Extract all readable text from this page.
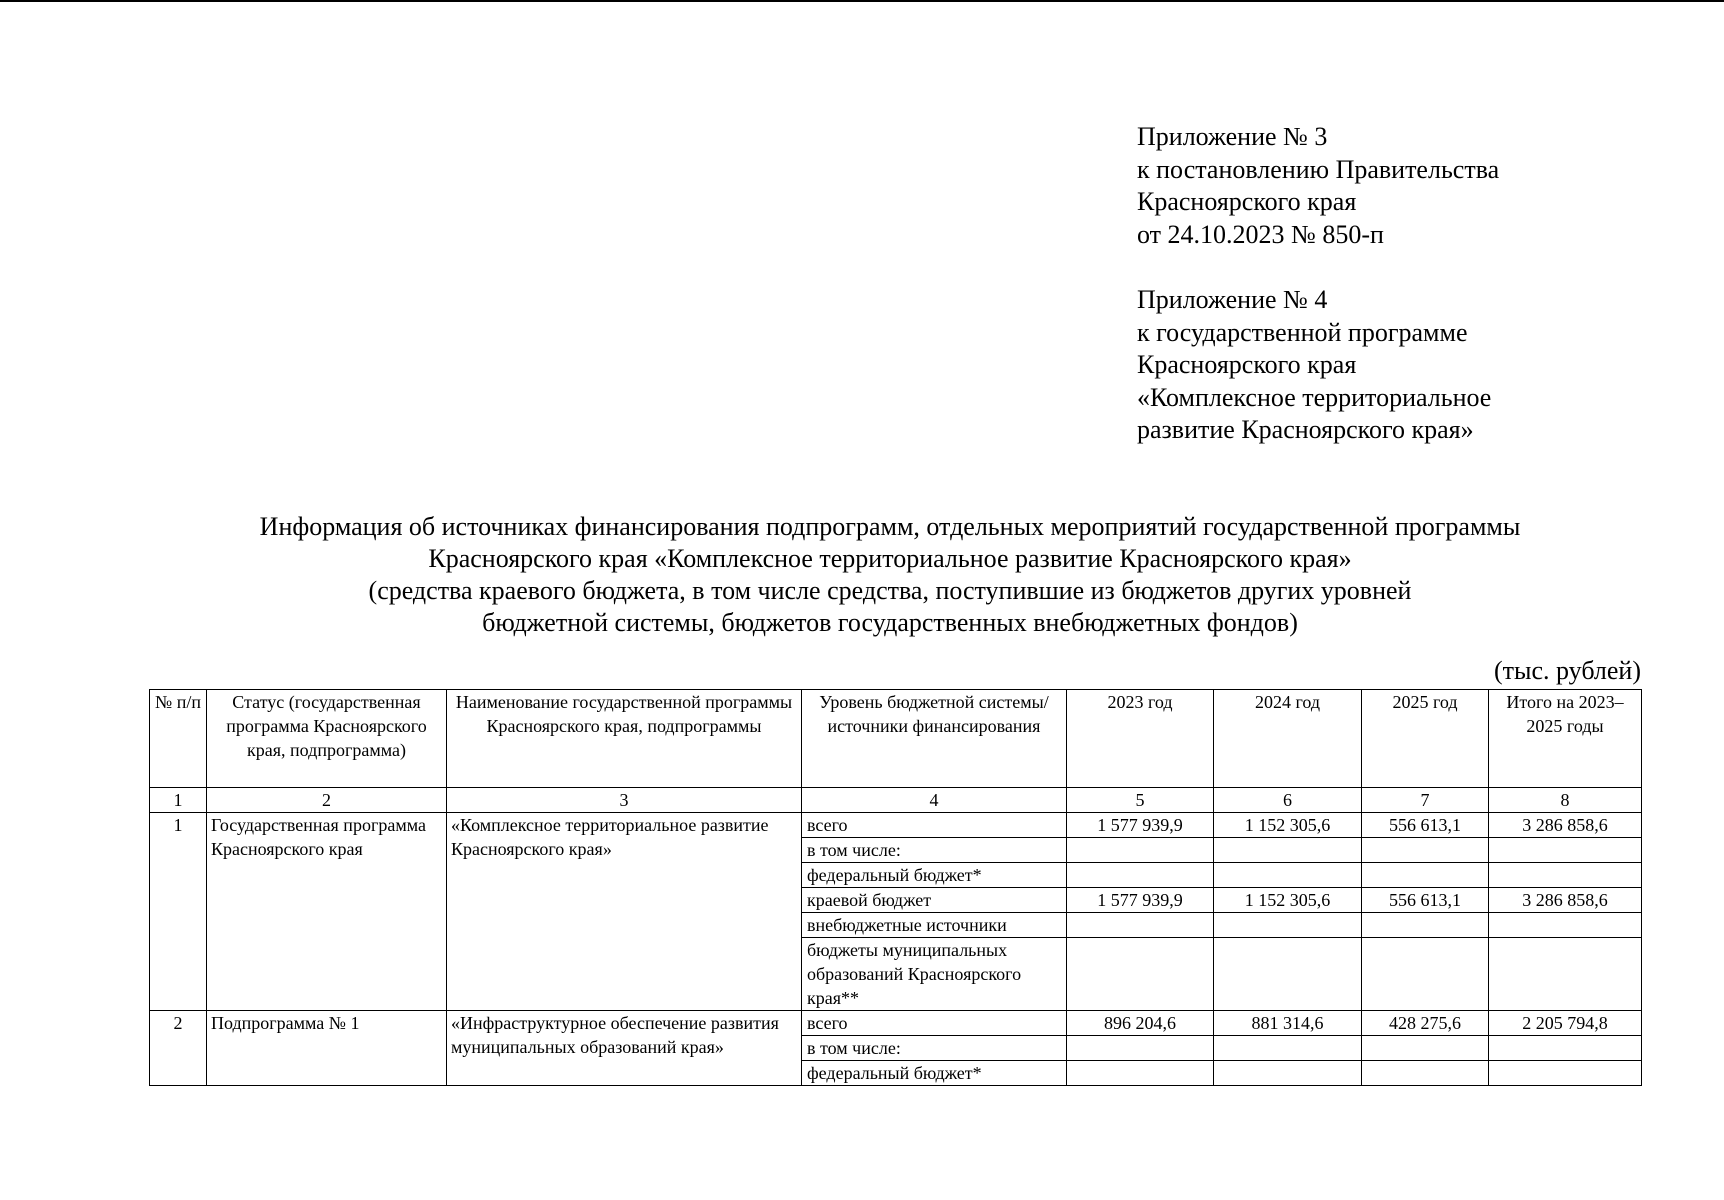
Приложение № 3
к постановлению Правительства
Красноярского края
от 24.10.2023 № 850-п
Приложение № 4
к государственной программе
Красноярского края
«Комплексное территориальное
развитие Красноярского края»
Информация об источниках финансирования подпрограмм, отдельных мероприятий государственной программы
Красноярского края «Комплексное территориальное развитие Красноярского края»
(средства краевого бюджета, в том числе средства, поступившие из бюджетов других уровней
бюджетной системы, бюджетов государственных внебюджетных фондов)
(тыс. рублей)
№ п/п	Статус (государственная программа Красноярского края, подпрограмма)	Наименование государственной программы Красноярского края, подпрограммы	Уровень бюджетной системы/источники финансирования	2023 год	2024 год	2025 год	Итого на 2023–2025 годы
1	2	3	4	5	6	7	8
1	Государственная программа Красноярского края	«Комплексное территориальное развитие Красноярского края»	всего	1 577 939,9	1 152 305,6	556 613,1	3 286 858,6
			в том числе:				
			федеральный бюджет*				
			краевой бюджет	1 577 939,9	1 152 305,6	556 613,1	3 286 858,6
			внебюджетные источники				
			бюджеты муниципальных образований Красноярского края**				
2	Подпрограмма № 1	«Инфраструктурное обеспечение развития муниципальных образований края»	всего	896 204,6	881 314,6	428 275,6	2 205 794,8
			в том числе:				
			федеральный бюджет*				
